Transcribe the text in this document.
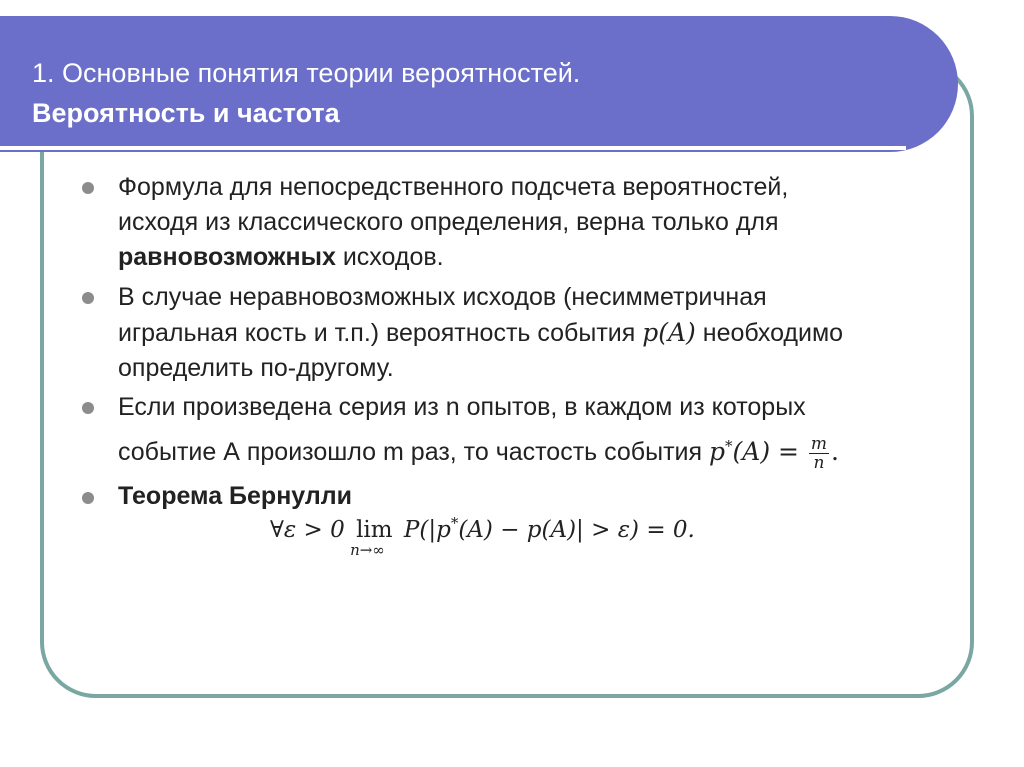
1. Основные понятия теории вероятностей.
Вероятность и частота
Формула для непосредственного подсчета вероятностей,
исходя из классического определения, верна только для
равновозможных исходов.
В случае неравновозможных исходов (несимметричная
игральная кость и т.п.) вероятность события p(A) необходимо
определить по-другому.
Если произведена серия из n опытов, в каждом из которых
событие А произошло m раз, то частость события $p^*(A) = \frac{m}{n}$ .
Теорема Бернулли
∀ε > 0 lim
n→∞
P(|p*(A) − p(A)| > ε) = 0.
